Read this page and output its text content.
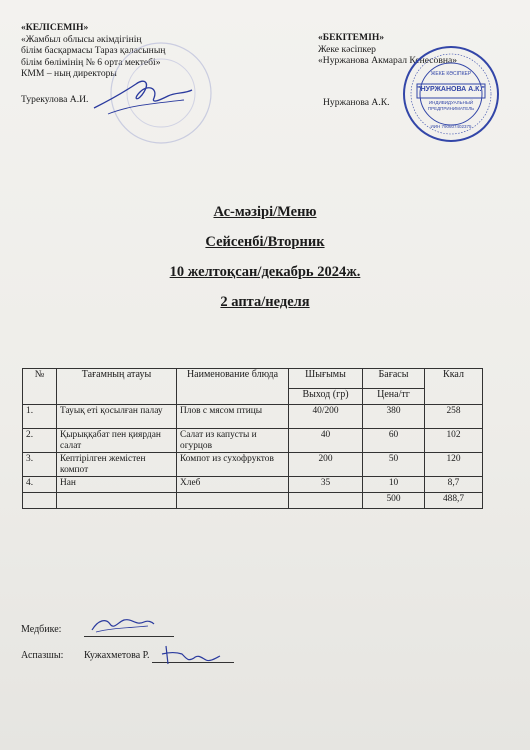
«КЕЛІСЕМІН»
«Жамбыл облысы әкімдігінің
білім басқармасы Тараз қаласының
білім бөлімінің № 6 орта мектебі»
КММ – ның директоры
Турекулова А.И.
«БЕКІТЕМІН»
Жеке кәсіпкер
«Нуржанова Акмарал Кенесовна»
Нуржанова А.К.
ЖЕКЕ КӘСІПКЕР
"НУРЖАНОВА А.К."
ИНДИВИДУАЛЬНЫЙ ПРЕДПРИНИМАТЕЛЬ
ИИН 790607402375
Ас-мәзірі/Меню
Сейсенбі/Вторник
10 желтоқсан/декабрь 2024ж.
2 апта/неделя
№	Тағамның атауы	Наименование блюда	Шығымы	Бағасы	Ккал
			Выход (гр)	Цена/тг	
1.	Тауық еті қосылған палау	Плов с мясом птицы	40/200	380	258
2.	Қырыққабат пен қиярдан салат	Салат из капусты и огурцов	40	60	102
3.	Кептірілген жемістен компот	Компот из сухофруктов	200	50	120
4.	Нан	Хлеб	35	10	8,7
				500	488,7
Медбике:
Аспазшы: Кужахметова Р.
